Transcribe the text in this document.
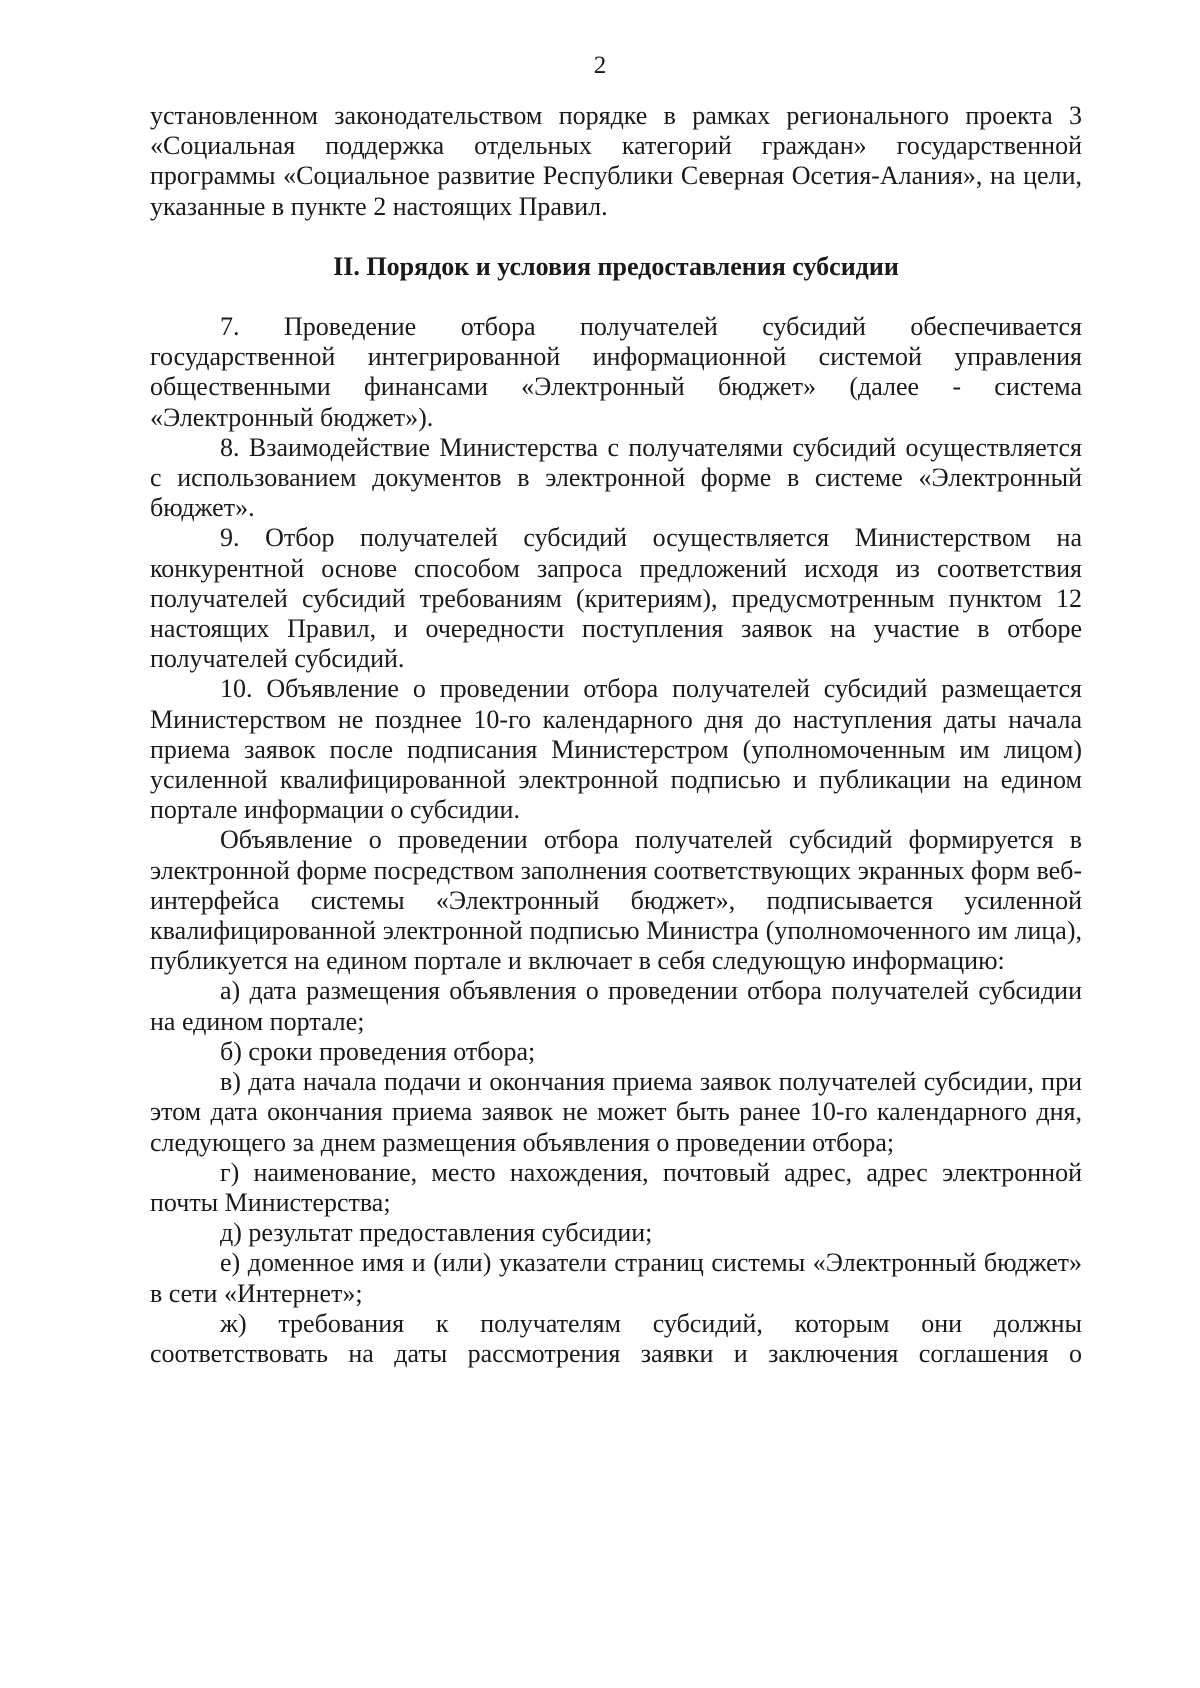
2

установленном законодательством порядке в рамках регионального проекта 3 «Социальная поддержка отдельных категорий граждан» государственной программы «Социальное развитие Республики Северная Осетия-Алания», на цели, указанные в пункте 2 настоящих Правил.

II. Порядок и условия предоставления субсидии

7. Проведение отбора получателей субсидий обеспечивается государственной интегрированной информационной системой управления общественными финансами «Электронный бюджет» (далее - система «Электронный бюджет»).

8. Взаимодействие Министерства с получателями субсидий осуществляется с использованием документов в электронной форме в системе «Электронный бюджет».

9. Отбор получателей субсидий осуществляется Министерством на конкурентной основе способом запроса предложений исходя из соответствия получателей субсидий требованиям (критериям), предусмотренным пунктом 12 настоящих Правил, и очередности поступления заявок на участие в отборе получателей субсидий.

10. Объявление о проведении отбора получателей субсидий размещается Министерством не позднее 10-го календарного дня до наступления даты начала приема заявок после подписания Министерстром (уполномоченным им лицом) усиленной квалифицированной электронной подписью и публикации на едином портале информации о субсидии.

Объявление о проведении отбора получателей субсидий формируется в электронной форме посредством заполнения соответствующих экранных форм веб-интерфейса системы «Электронный бюджет», подписывается усиленной квалифицированной электронной подписью Министра (уполномоченного им лица), публикуется на едином портале и включает в себя следующую информацию:

а) дата размещения объявления о проведении отбора получателей субсидии на едином портале;

б) сроки проведения отбора;

в) дата начала подачи и окончания приема заявок получателей субсидии, при этом дата окончания приема заявок не может быть ранее 10-го календарного дня, следующего за днем размещения объявления о проведении отбора;

г) наименование, место нахождения, почтовый адрес, адрес электронной почты Министерства;

д) результат предоставления субсидии;

е) доменное имя и (или) указатели страниц системы «Электронный бюджет» в сети «Интернет»;

ж) требования к получателям субсидий, которым они должны соответствовать на даты рассмотрения заявки и заключения соглашения о
